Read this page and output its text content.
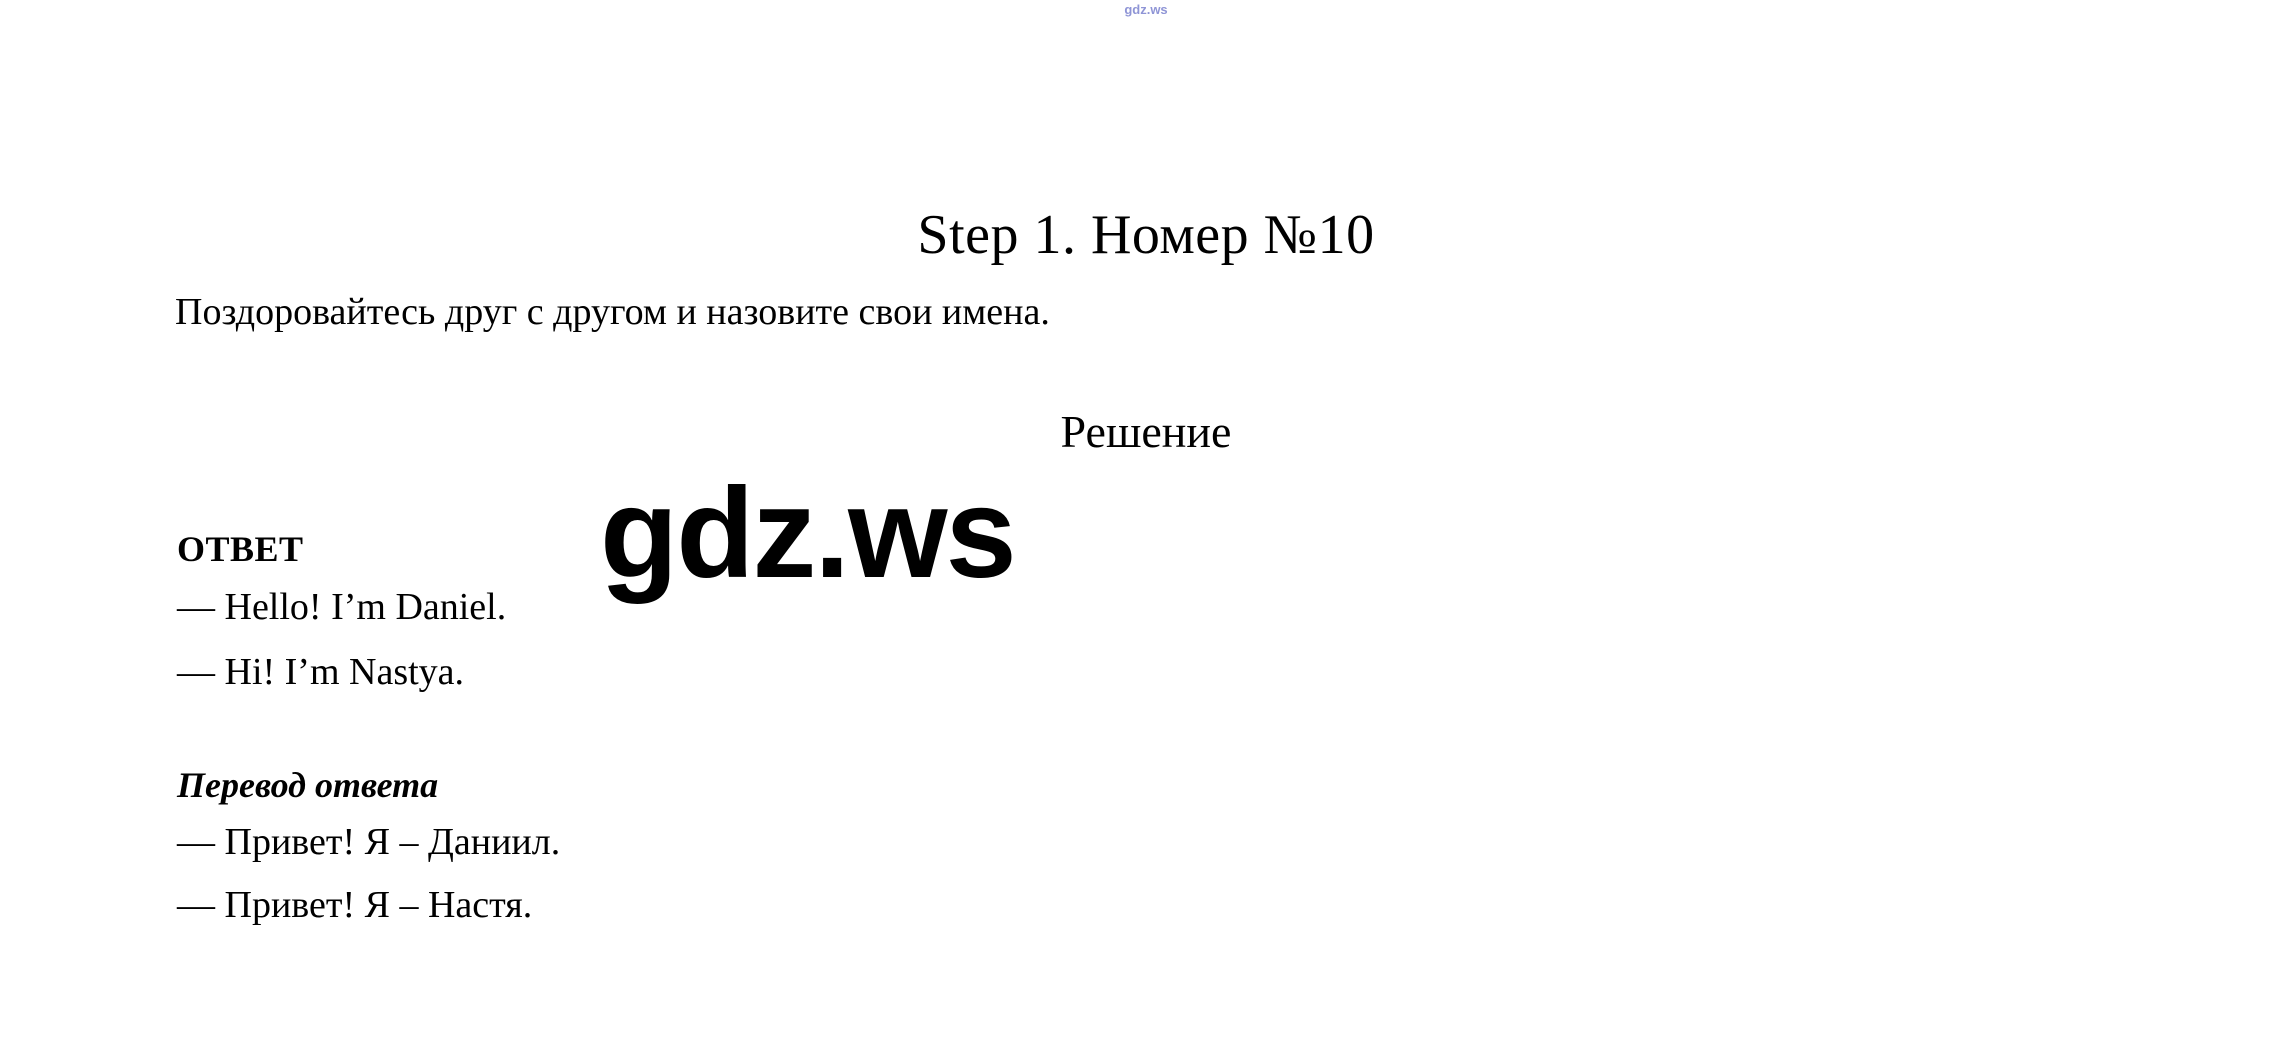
gdz.ws
Step 1. Номер №10
Поздоровайтесь друг с другом и назовите свои имена.
Решение
ОТВЕТ
— Hello! I’m Daniel.
— Hi! I’m Nastya.
Перевод ответа
— Привет! Я – Даниил.
— Привет! Я – Настя.
gdz.ws
